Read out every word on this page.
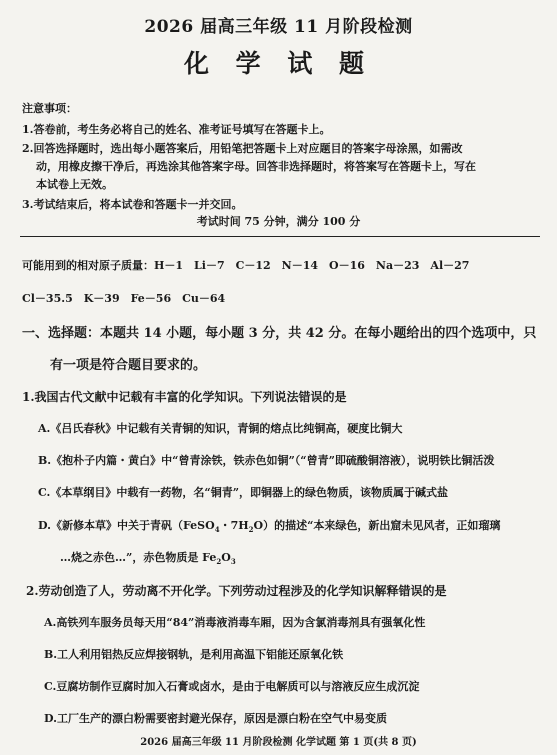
2026 届高三年级 11 月阶段检测
化 学 试 题
注意事项：
1.答卷前，考生务必将自己的姓名、准考证号填写在答题卡上。
2.回答选择题时，选出每小题答案后，用铅笔把答题卡上对应题目的答案字母涂黑，如需改
动，用橡皮擦干净后，再选涂其他答案字母。回答非选择题时，将答案写在答题卡上，写在
本试卷上无效。
3.考试结束后，将本试卷和答题卡一并交回。
考试时间 75 分钟，满分 100 分
可能用到的相对原子质量：H－1　Li－7　C－12　N－14　O－16　Na－23　Al－27
Cl－35.5　K－39　Fe－56　Cu－64
一、选择题：本题共 14 小题，每小题 3 分，共 42 分。在每小题给出的四个选项中，只
有一项是符合题目要求的。
1.我国古代文献中记载有丰富的化学知识。下列说法错误的是
A.《吕氏春秋》中记载有关青铜的知识，青铜的熔点比纯铜高，硬度比铜大
B.《抱朴子内篇・黄白》中“曾青涂铁，铁赤色如铜”（“曾青”即硫酸铜溶液），说明铁比铜活泼
C.《本草纲目》中载有一药物，名“铜青”，即铜器上的绿色物质，该物质属于碱式盐
D.《新修本草》中关于青矾（FeSO$_4$・$7H_2O$）的描述“本来绿色，新出窟未见风者，正如瑠璃
…烧之赤色…”，赤色物质是 $Fe_2O_3$
2.劳动创造了人，劳动离不开化学。下列劳动过程涉及的化学知识解释错误的是
A.高铁列车服务员每天用“84”消毒液消毒车厢，因为含氯消毒剂具有强氧化性
B.工人利用铝热反应焊接钢轨，是利用高温下铝能还原氧化铁
C.豆腐坊制作豆腐时加入石膏或卤水，是由于电解质可以与溶液反应生成沉淀
D.工厂生产的漂白粉需要密封避光保存，原因是漂白粉在空气中易变质
2026 届高三年级 11 月阶段检测 化学试题 第 1 页(共 8 页)
